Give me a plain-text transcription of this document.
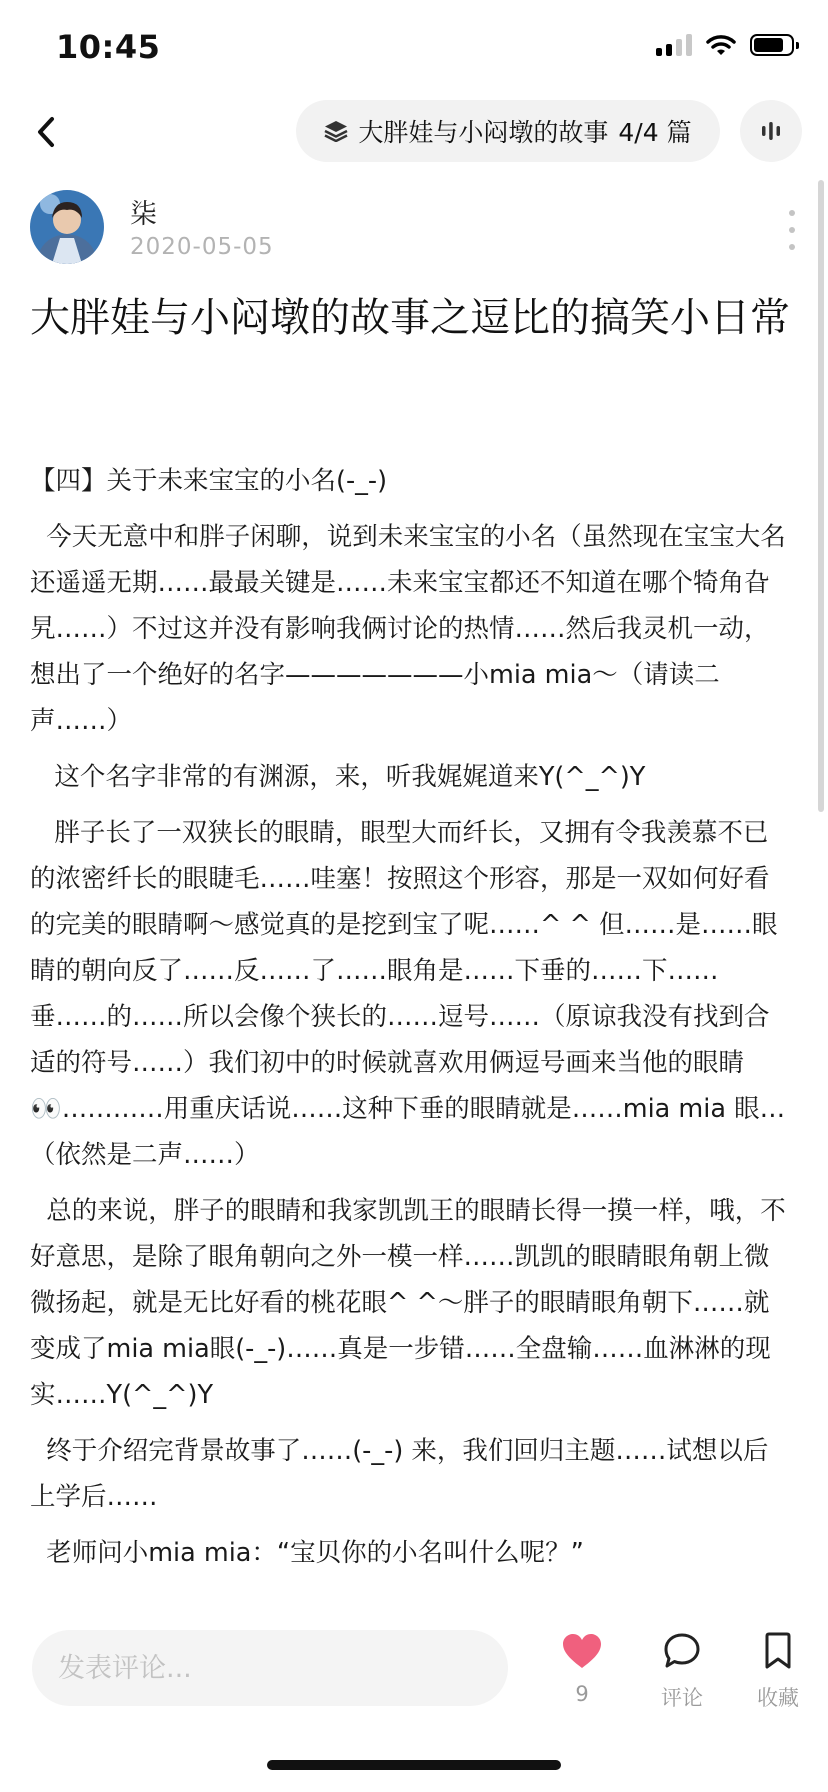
10:45
大胖娃与小闷墩的故事 4/4 篇
柒
2020-05-05
大胖娃与小闷墩的故事之逗比的搞笑小日常

【四】关于未来宝宝的小名(-_-)

今天无意中和胖子闲聊，说到未来宝宝的小名（虽然现在宝宝大名还遥遥无期……最最关键是……未来宝宝都还不知道在哪个犄角旮旯……）不过这并没有影响我俩讨论的热情……然后我灵机一动，想出了一个绝好的名字———————小mia mia～（请读二声……）

这个名字非常的有渊源，来，听我娓娓道来Y(^_^)Y

胖子长了一双狭长的眼睛，眼型大而纤长，又拥有令我羡慕不已的浓密纤长的眼睫毛……哇塞！按照这个形容，那是一双如何好看的完美的眼睛啊～感觉真的是挖到宝了呢……^ ^ 但……是……眼睛的朝向反了……反……了……眼角是……下垂的……下……垂……的……所以会像个狭长的……逗号……（原谅我没有找到合适的符号……）我们初中的时候就喜欢用俩逗号画来当他的眼睛👀…………用重庆话说……这种下垂的眼睛就是……mia mia 眼…（依然是二声……）

总的来说，胖子的眼睛和我家凯凯王的眼睛长得一摸一样，哦，不好意思，是除了眼角朝向之外一模一样……凯凯的眼睛眼角朝上微微扬起，就是无比好看的桃花眼^ ^～胖子的眼睛眼角朝下……就变成了mia mia眼(-_-)……真是一步错……全盘输……血淋淋的现实……Y(^_^)Y

终于介绍完背景故事了……(-_-) 来，我们回归主题……试想以后上学后……

老师问小mia mia：“宝贝你的小名叫什么呢？”

发表评论...
9	评论	收藏
